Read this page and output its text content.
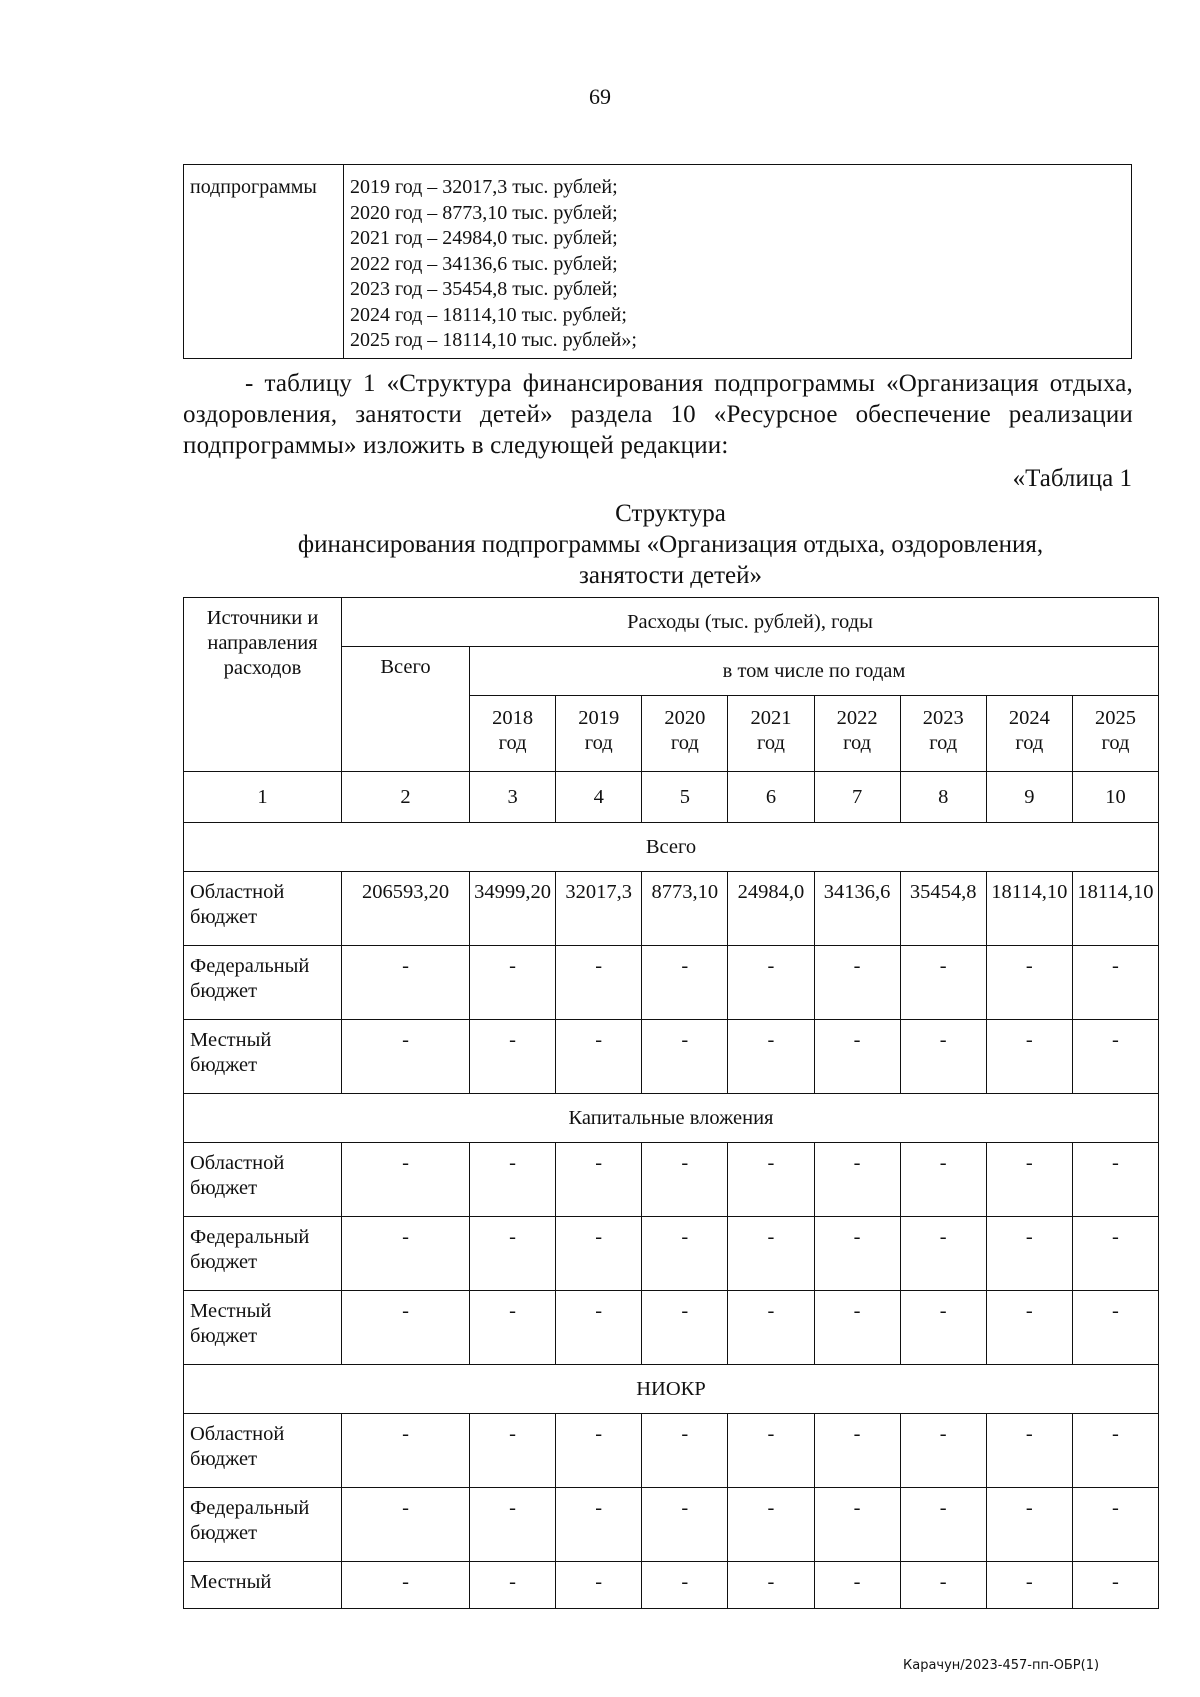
69
подпрограммы	2019 год – 32017,3 тыс. рублей;
2020 год – 8773,10 тыс. рублей;
2021 год – 24984,0 тыс. рублей;
2022 год – 34136,6 тыс. рублей;
2023 год – 35454,8 тыс. рублей;
2024 год – 18114,10 тыс. рублей;
2025 год – 18114,10 тыс. рублей»;
- таблицу 1 «Структура финансирования подпрограммы «Организация отдыха, оздоровления, занятости детей» раздела 10 «Ресурсное обеспечение реализации подпрограммы» изложить в следующей редакции:
«Таблица 1
Структура
финансирования подпрограммы «Организация отдыха, оздоровления, занятости детей»
Источники и направления расходов	Расходы (тыс. рублей), годы								
	Всего	в том числе по годам							
		2018 год	2019 год	2020 год	2021 год	2022 год	2023 год	2024 год	2025 год
1	2	3	4	5	6	7	8	9	10
Всего									
Областной бюджет	206593,20	34999,20	32017,3	8773,10	24984,0	34136,6	35454,8	18114,10	18114,10
Федеральный бюджет	-	-	-	-	-	-	-	-	-
Местный бюджет	-	-	-	-	-	-	-	-	-
Капитальные вложения									
Областной бюджет	-	-	-	-	-	-	-	-	-
Федеральный бюджет	-	-	-	-	-	-	-	-	-
Местный бюджет	-	-	-	-	-	-	-	-	-
НИОКР									
Областной бюджет	-	-	-	-	-	-	-	-	-
Федеральный бюджет	-	-	-	-	-	-	-	-	-
Местный	-	-	-	-	-	-	-	-	-
Карачун/2023-457-пп-ОБР(1)
